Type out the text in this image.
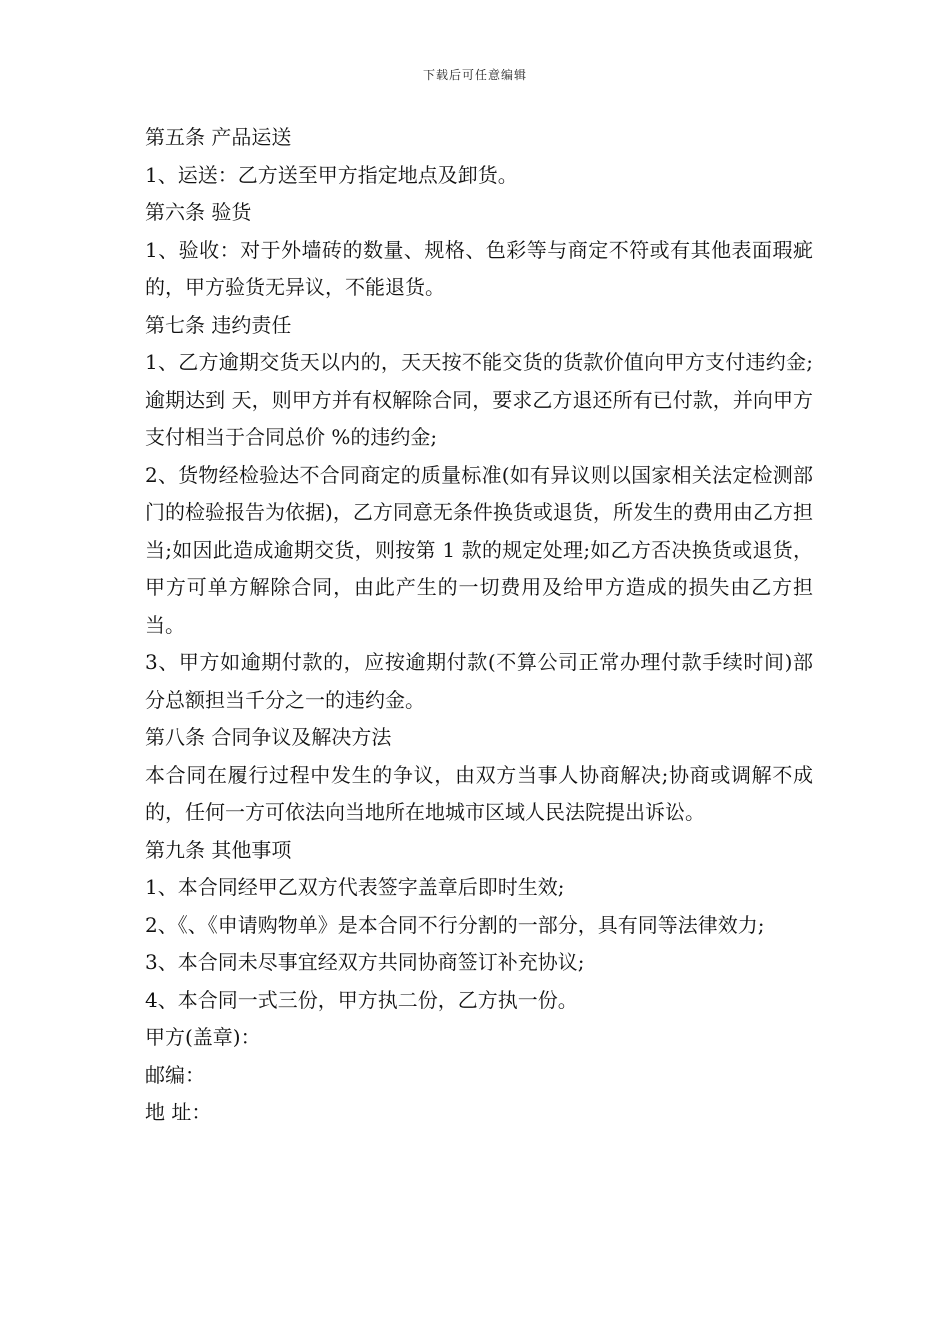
下载后可任意编辑

第五条 产品运送

1、运送：乙方送至甲方指定地点及卸货。

第六条 验货

1、验收：对于外墙砖的数量、规格、色彩等与商定不符或有其他表面瑕疵的，甲方验货无异议，不能退货。

第七条 违约责任

1、乙方逾期交货天以内的，天天按不能交货的货款价值向甲方支付违约金;逾期达到 天，则甲方并有权解除合同，要求乙方退还所有已付款，并向甲方支付相当于合同总价 %的违约金;

2、货物经检验达不合同商定的质量标准(如有异议则以国家相关法定检测部门的检验报告为依据)，乙方同意无条件换货或退货，所发生的费用由乙方担当;如因此造成逾期交货，则按第 1 款的规定处理;如乙方否决换货或退货，甲方可单方解除合同，由此产生的一切费用及给甲方造成的损失由乙方担当。

3、甲方如逾期付款的，应按逾期付款(不算公司正常办理付款手续时间)部分总额担当千分之一的违约金。

第八条 合同争议及解决方法

本合同在履行过程中发生的争议，由双方当事人协商解决;协商或调解不成的，任何一方可依法向当地所在地城市区域人民法院提出诉讼。

第九条 其他事项

1、本合同经甲乙双方代表签字盖章后即时生效;

2、《、《申请购物单》是本合同不行分割的一部分，具有同等法律效力;

3、本合同未尽事宜经双方共同协商签订补充协议;

4、本合同一式三份，甲方执二份，乙方执一份。

甲方(盖章)：

邮编：

地 址：
